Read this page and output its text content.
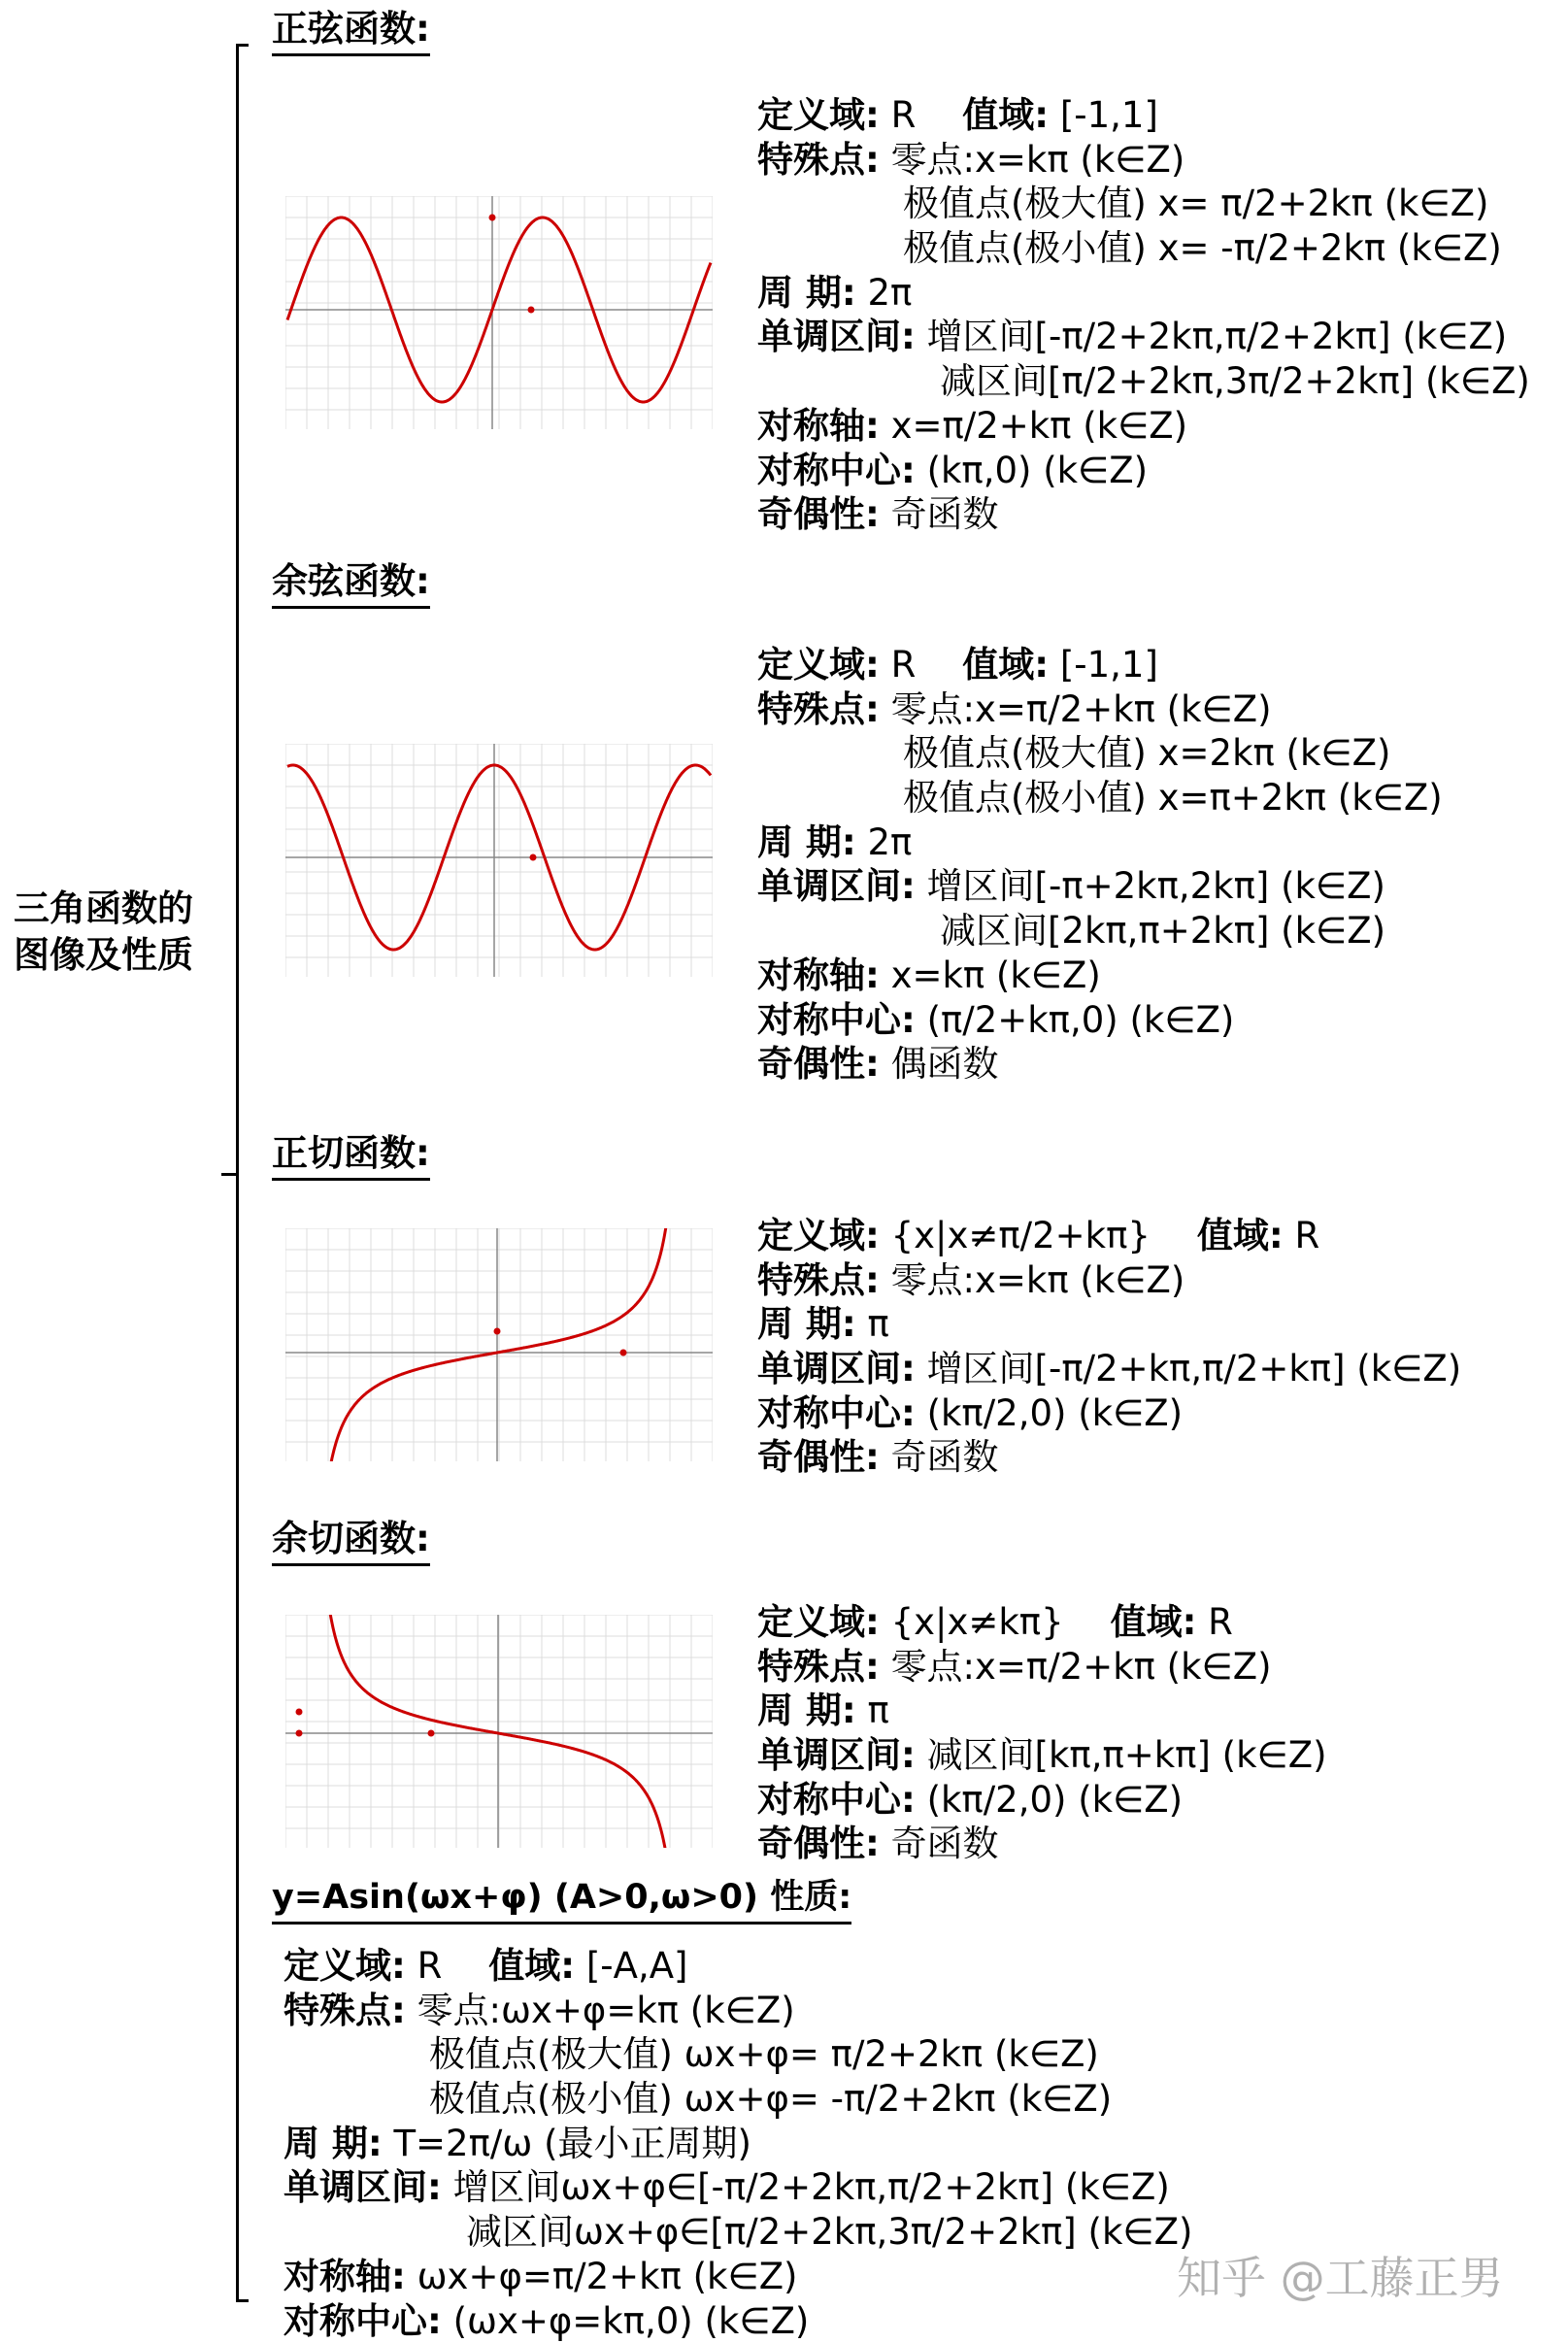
三角函数的
图像及性质
正弦函数:
定义域: R 值域: [-1,1]
特殊点: 零点:x=kπ (k∈Z)
极值点(极大值) x= π/2+2kπ (k∈Z)
极值点(极小值) x= -π/2+2kπ (k∈Z)
周 期: 2π
单调区间: 增区间[-π/2+2kπ,π/2+2kπ] (k∈Z)
减区间[π/2+2kπ,3π/2+2kπ] (k∈Z)
对称轴: x=π/2+kπ (k∈Z)
对称中心: (kπ,0) (k∈Z)
奇偶性: 奇函数
余弦函数:
定义域: R 值域: [-1,1]
特殊点: 零点:x=π/2+kπ (k∈Z)
极值点(极大值) x=2kπ (k∈Z)
极值点(极小值) x=π+2kπ (k∈Z)
周 期: 2π
单调区间: 增区间[-π+2kπ,2kπ] (k∈Z)
减区间[2kπ,π+2kπ] (k∈Z)
对称轴: x=kπ (k∈Z)
对称中心: (π/2+kπ,0) (k∈Z)
奇偶性: 偶函数
正切函数:
定义域: {x|x≠π/2+kπ} 值域: R
特殊点: 零点:x=kπ (k∈Z)
周 期: π
单调区间: 增区间[-π/2+kπ,π/2+kπ] (k∈Z)
对称中心: (kπ/2,0) (k∈Z)
奇偶性: 奇函数
余切函数:
定义域: {x|x≠kπ} 值域: R
特殊点: 零点:x=π/2+kπ (k∈Z)
周 期: π
单调区间: 减区间[kπ,π+kπ] (k∈Z)
对称中心: (kπ/2,0) (k∈Z)
奇偶性: 奇函数
y=Asin(ωx+φ) (A>0,ω>0) 性质:
定义域: R 值域: [-A,A]
特殊点: 零点:ωx+φ=kπ (k∈Z)
极值点(极大值) ωx+φ= π/2+2kπ (k∈Z)
极值点(极小值) ωx+φ= -π/2+2kπ (k∈Z)
周 期: T=2π/ω (最小正周期)
单调区间: 增区间ωx+φ∈[-π/2+2kπ,π/2+2kπ] (k∈Z)
减区间ωx+φ∈[π/2+2kπ,3π/2+2kπ] (k∈Z)
对称轴: ωx+φ=π/2+kπ (k∈Z)
对称中心: (ωx+φ=kπ,0) (k∈Z)
知乎 @工藤正男
